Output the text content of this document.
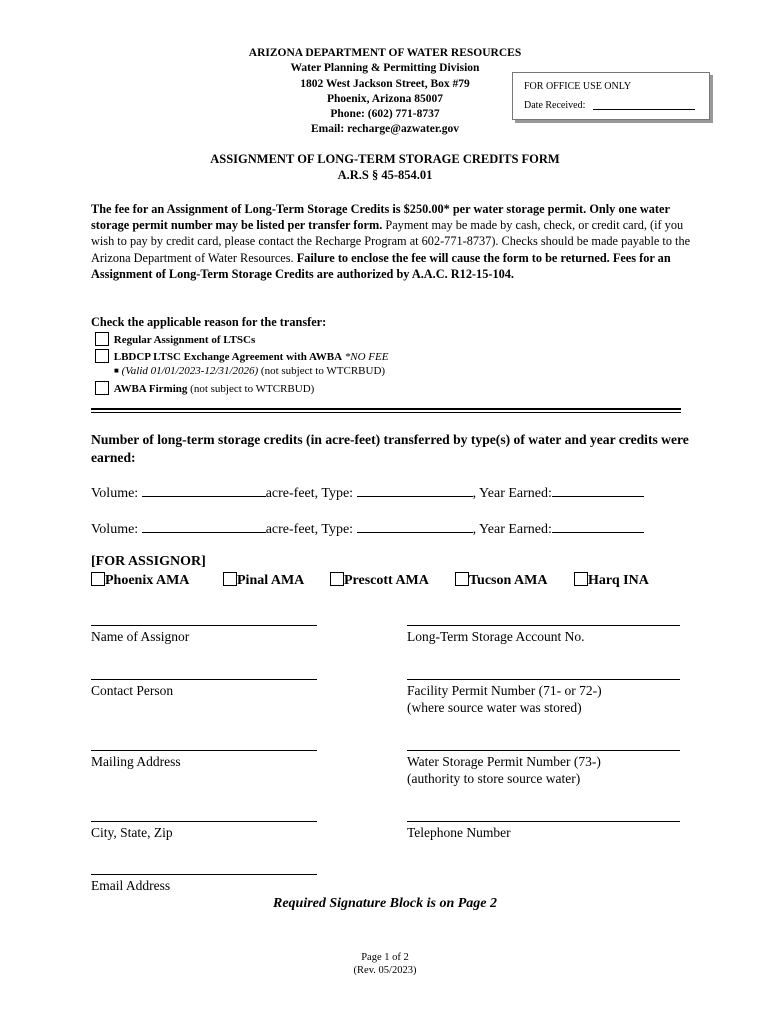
ARIZONA DEPARTMENT OF WATER RESOURCES
Water Planning & Permitting Division
1802 West Jackson Street, Box #79
Phoenix, Arizona 85007
Phone: (602) 771-8737
Email: recharge@azwater.gov
FOR OFFICE USE ONLY
Date Received:
ASSIGNMENT OF LONG-TERM STORAGE CREDITS FORM
A.R.S § 45-854.01
The fee for an Assignment of Long-Term Storage Credits is $250.00* per water storage permit. Only one water storage permit number may be listed per transfer form. Payment may be made by cash, check, or credit card, (if you wish to pay by credit card, please contact the Recharge Program at 602-771-8737). Checks should be made payable to the Arizona Department of Water Resources. Failure to enclose the fee will cause the form to be returned. Fees for an Assignment of Long-Term Storage Credits are authorized by A.A.C. R12-15-104.
Check the applicable reason for the transfer:
Regular Assignment of LTSCs
LBDCP LTSC Exchange Agreement with AWBA *NO FEE
■ (Valid 01/01/2023-12/31/2026) (not subject to WTCRBUD)
AWBA Firming (not subject to WTCRBUD)
Number of long-term storage credits (in acre-feet) transferred by type(s) of water and year credits were earned:
Volume:	acre-feet, Type:	, Year Earned:
Volume:	acre-feet, Type:	, Year Earned:
[FOR ASSIGNOR]
Phoenix AMA	Pinal AMA	Prescott AMA	Tucson AMA	Harq INA
Name of Assignor	Long-Term Storage Account No.
Contact Person	Facility Permit Number (71- or 72-)
(where source water was stored)
Mailing Address	Water Storage Permit Number (73-)
(authority to store source water)
City, State, Zip	Telephone Number
Email Address
Required Signature Block is on Page 2
Page 1 of 2
(Rev. 05/2023)
